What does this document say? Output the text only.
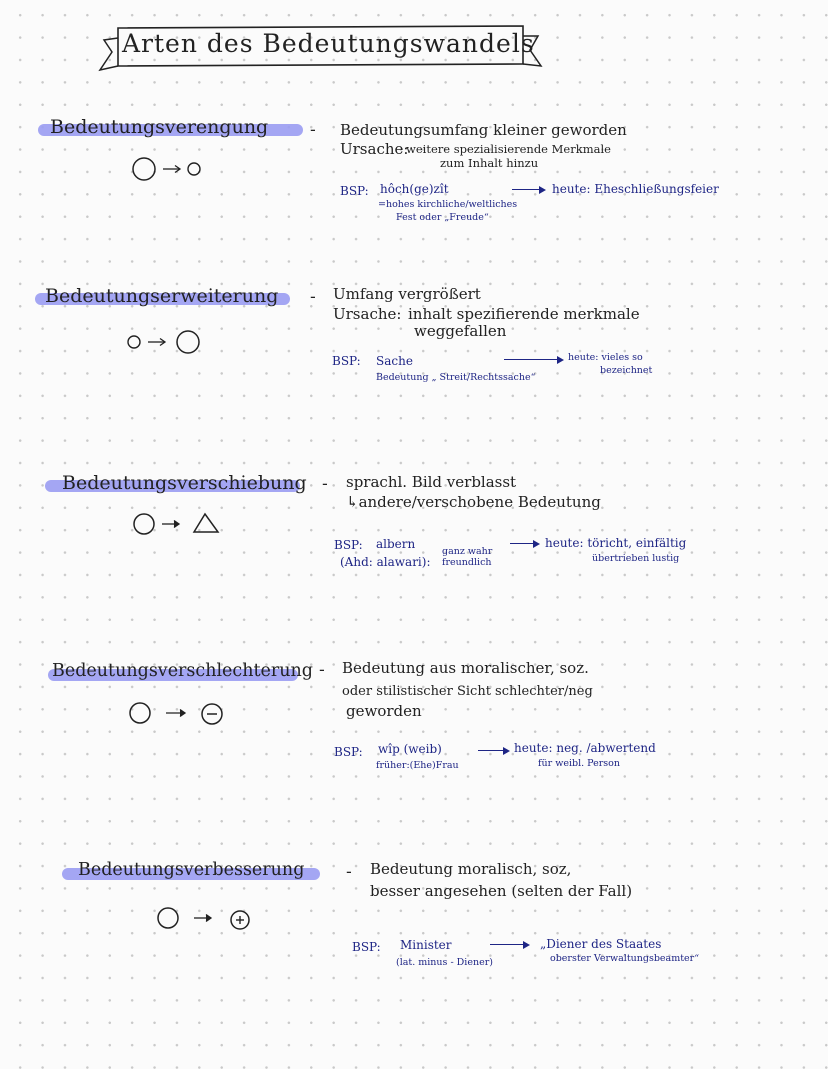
Arten des Bedeutungswandels
Bedeutungsverengung	- Bedeutungsumfang kleiner geworden
Ursache:
weitere spezialisierende Merkmale
zum Inhalt hinzu
BSP: hôch(ge)zît
=hohes kirchliche/weltliches
Fest oder „Freude“
heute: Eheschließungsfeier
Bedeutungserweiterung - Umfang vergrößert
Ursache: inhalt spezifierende merkmale
weggefallen
BSP: Sache
Bedeutung „ Streit/Rechtssache“
heute: vieles so
bezeichnet
Bedeutungsverschiebung - sprachl. Bild verblasst
↳andere/verschobene Bedeutung
BSP: albern
(Ahd: alawari):
ganz wahr freundlich
heute: töricht, einfältig
übertrieben lustig
Bedeutungsverschlechterung - Bedeutung aus moralischer, soz.
oder stilistischer Sicht schlechter/neg
geworden
BSP: wîp (weib)
früher:(Ehe)Frau
heute: neg. /abwertend
für weibl. Person
Bedeutungsverbesserung	- Bedeutung moralisch, soz,
besser angesehen (selten der Fall)
BSP: Minister
(lat. minus - Diener)
„Diener des Staates
oberster Verwaltungsbeamter“
